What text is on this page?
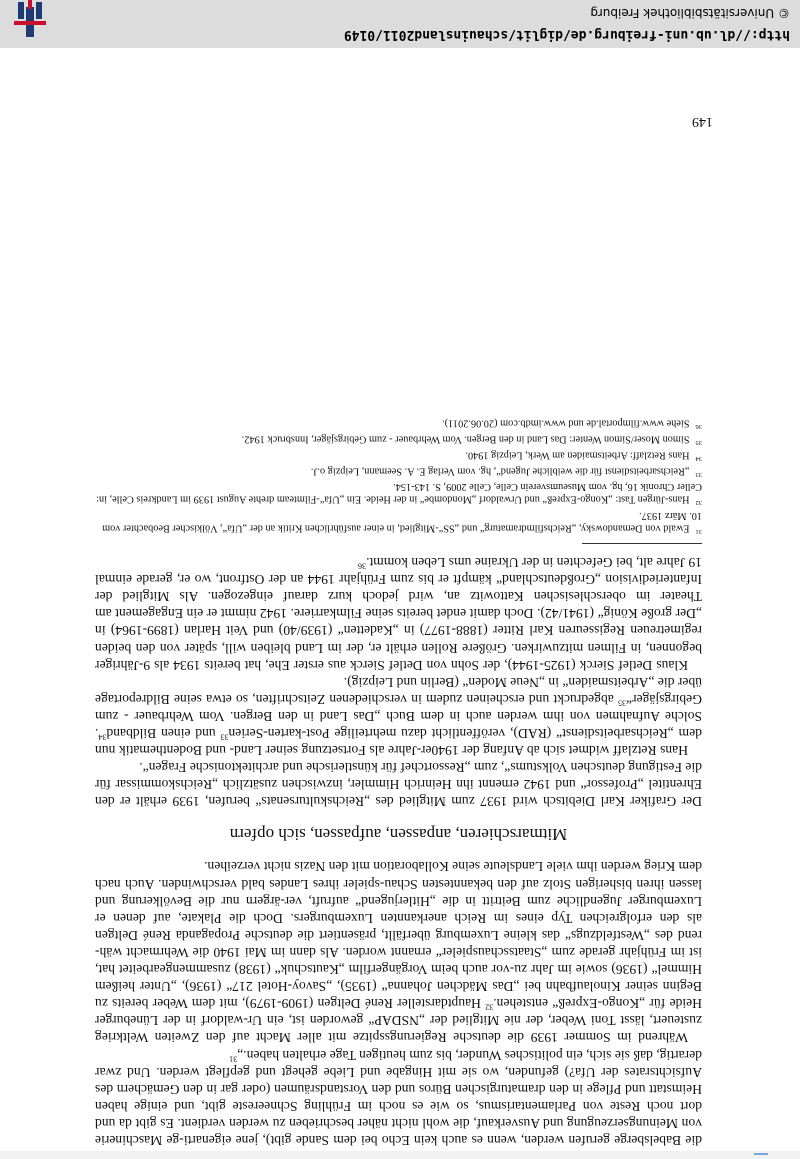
die Babelsberge gerufen werden, wenn es auch kein Echo bei dem Sande gibt), jene eigenarti-ge Maschinerie von Meinungserzeugung und Ausverkauf, die wohl nicht näher beschrieben zu werden verdient. Es gibt da und dort noch Reste von Parlamentarismus, so wie es noch im Frühling Schneereste gibt, und einige haben Heimstatt und Pflege in den dramaturgischen Büros und den Vorstandsräumen (oder gar in den Gemächern des Aufsichtsrates der Ufa?) gefunden, wo sie mit Hingabe und Liebe gehegt und gepflegt werden. Und zwar derartig, daß sie sich, ein politisches Wunder, bis zum heutigen Tage erhalten haben.„$^{31}$

Während im Sommer 1939 die deutsche Regierungsspitze mit aller Macht auf den Zweiten Weltkrieg zusteuert, lässt Toni Weber, der nie Mitglied der „NSDAP“ geworden ist, ein Ur-waldorf in der Lüneburger Heide für „Kongo-Expreß“ entstehen.$^{32}$ Hauptdarsteller René Deltgen (1909-1979), mit dem Weber bereits zu Beginn seiner Kinolaufbahn bei „Das Mädchen Johanna“ (1935), „Savoy-Hotel 217“ (1936), „Unter heißem Himmel“ (1936) sowie im Jahr zu-vor auch beim Vorgängerfilm „Kautschuk“ (1938) zusammengearbeitet hat, ist im Frühjahr gerade zum „Staatsschauspieler“ ernannt worden. Als dann im Mai 1940 die Wehrmacht wäh-rend des „Westfeldzugs“ das kleine Luxemburg überfällt, präsentiert die deutsche Propaganda René Deltgen als den erfolgreichen Typ eines im Reich anerkannten Luxemburgers. Doch die Plakate, auf denen er Luxemburger Jugendliche zum Beitritt in die „Hitlerjugend“ aufruft, ver-ärgern nur die Bevölkerung und lassen ihren bisherigen Stolz auf den bekanntesten Schau-spieler ihres Landes bald verschwinden. Auch nach dem Krieg werden ihm viele Landsleute seine Kollaboration mit den Nazis nicht verzeihen.

Mitmarschieren, anpassen, aufpassen, sich opfern

Der Grafiker Karl Diebitsch wird 1937 zum Mitglied des „Reichskultursenats“ berufen, 1939 erhält er den Ehrentitel „Professor“ und 1942 ernennt ihn Heinrich Himmler, inzwischen zusätzlich „Reichskommissar für die Festigung deutschen Volkstums“, zum „Ressortchef für künstlerische und architektonische Fragen“.

Hans Retzlaff widmet sich ab Anfang der 1940er-Jahre als Fortsetzung seiner Land- und Bodenthematik nun dem „Reichsarbeitsdienst“ (RAD), veröffentlicht dazu mehrteilige Post-karten-Serien$^{33}$ und einen Bildband$^{34}$. Solche Aufnahmen von ihm werden auch in dem Buch „Das Land in den Bergen. Vom Wehrbauer - zum Gebirgsjäger“$^{35}$ abgedruckt und erscheinen zudem in verschiedenen Zeitschriften, so etwa seine Bildreportage über die „Arbeitsmaiden“ in „Neue Moden“ (Berlin und Leipzig).

Klaus Detlef Sierck (1925-1944), der Sohn von Detlef Sierck aus erster Ehe, hat bereits 1934 als 9-Jähriger begonnen, in Filmen mitzuwirken. Größere Rollen erhält er, der im Land bleiben will, später von den beiden regimetreuen Regisseuren Karl Ritter (1888-1977) in „Kadetten“ (1939/40) und Veit Harlan (1899-1964) in „Der große König“ (1941/42). Doch damit endet bereits seine Filmkarriere. 1942 nimmt er ein Engagement am Theater im oberschlesischen Kattowitz an, wird jedoch kurz darauf eingezogen. Als Mitglied der Infanteriedivision „Großdeutschland“ kämpft er bis zum Frühjahr 1944 an der Ostfront, wo er, gerade einmal 19 Jahre alt, bei Gefechten in der Ukraine ums Leben kommt.$^{36}$

$^{31}$Ewald von Demandowsky, „Reichsfilmdramaturg“ und „SS“-Mitglied, in einer ausführlichen Kritik an der „Ufa“, Völkischer Beobachter vom 10. März 1937.

$^{32}$Hans-Jürgen Tast: „Kongo-Expreß“ und Urwaldorf „Mondombe“ in der Heide. Ein „Ufa“-Filmteam drehte August 1939 im Landkreis Celle, in: Celler Chronik 16, hg. vom Museumsverein Celle, Celle 2009, S. 143-154.

$^{33}$„Reichsarbeitsdienst für die weibliche Jugend“, hg. vom Verlag E. A. Seemann, Leipzig o.J.

$^{34}$Hans Retzlaff: Arbeitsmaiden am Werk, Leipzig 1940.

$^{35}$Simon Moser/Simon Wenter: Das Land in den Bergen. Vom Wehrbauer - zum Gebirgsjäger, Innsbruck 1942.

$^{36}$Siehe www.filmportal.de und www.imdb.com (20.06.2011).

149
http://dl.ub.uni-freiburg.de/diglit/schauinsland2011/0149
© Universitätsbibliothek Freiburg
